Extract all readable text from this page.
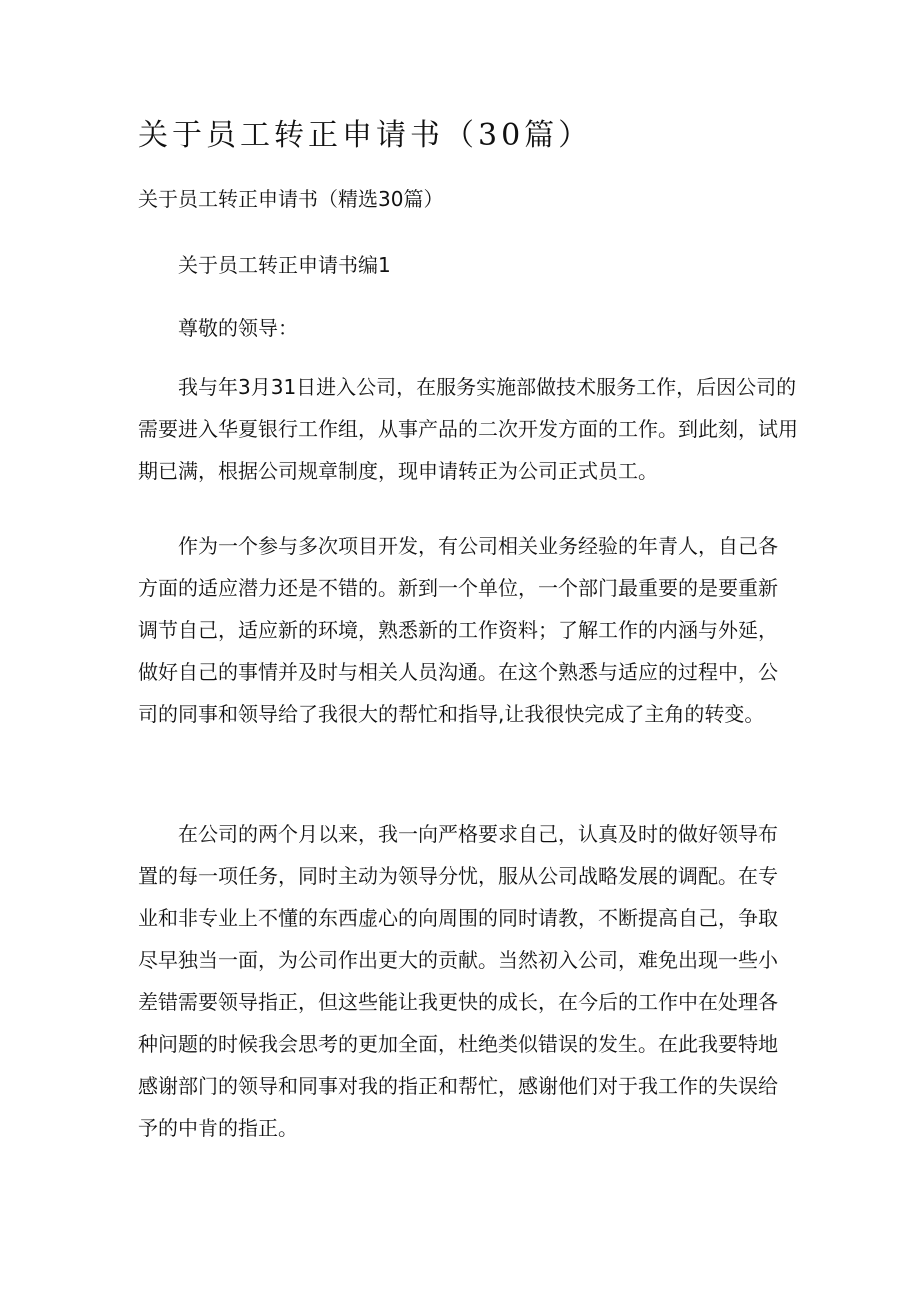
关于员工转正申请书（30篇）
关于员工转正申请书（精选30篇）
关于员工转正申请书编1
尊敬的领导：
我与年3月31日进入公司，在服务实施部做技术服务工作，后因公司的
需要进入华夏银行工作组，从事产品的二次开发方面的工作。到此刻，试用
期已满，根据公司规章制度，现申请转正为公司正式员工。
作为一个参与多次项目开发，有公司相关业务经验的年青人，自己各
方面的适应潜力还是不错的。新到一个单位，一个部门最重要的是要重新
调节自己，适应新的环境，熟悉新的工作资料；了解工作的内涵与外延，
做好自己的事情并及时与相关人员沟通。在这个熟悉与适应的过程中，公
司的同事和领导给了我很大的帮忙和指导,让我很快完成了主角的转变。
在公司的两个月以来，我一向严格要求自己，认真及时的做好领导布
置的每一项任务，同时主动为领导分忧，服从公司战略发展的调配。在专
业和非专业上不懂的东西虚心的向周围的同时请教，不断提高自己，争取
尽早独当一面，为公司作出更大的贡献。当然初入公司，难免出现一些小
差错需要领导指正，但这些能让我更快的成长，在今后的工作中在处理各
种问题的时候我会思考的更加全面，杜绝类似错误的发生。在此我要特地
感谢部门的领导和同事对我的指正和帮忙，感谢他们对于我工作的失误给
予的中肯的指正。
